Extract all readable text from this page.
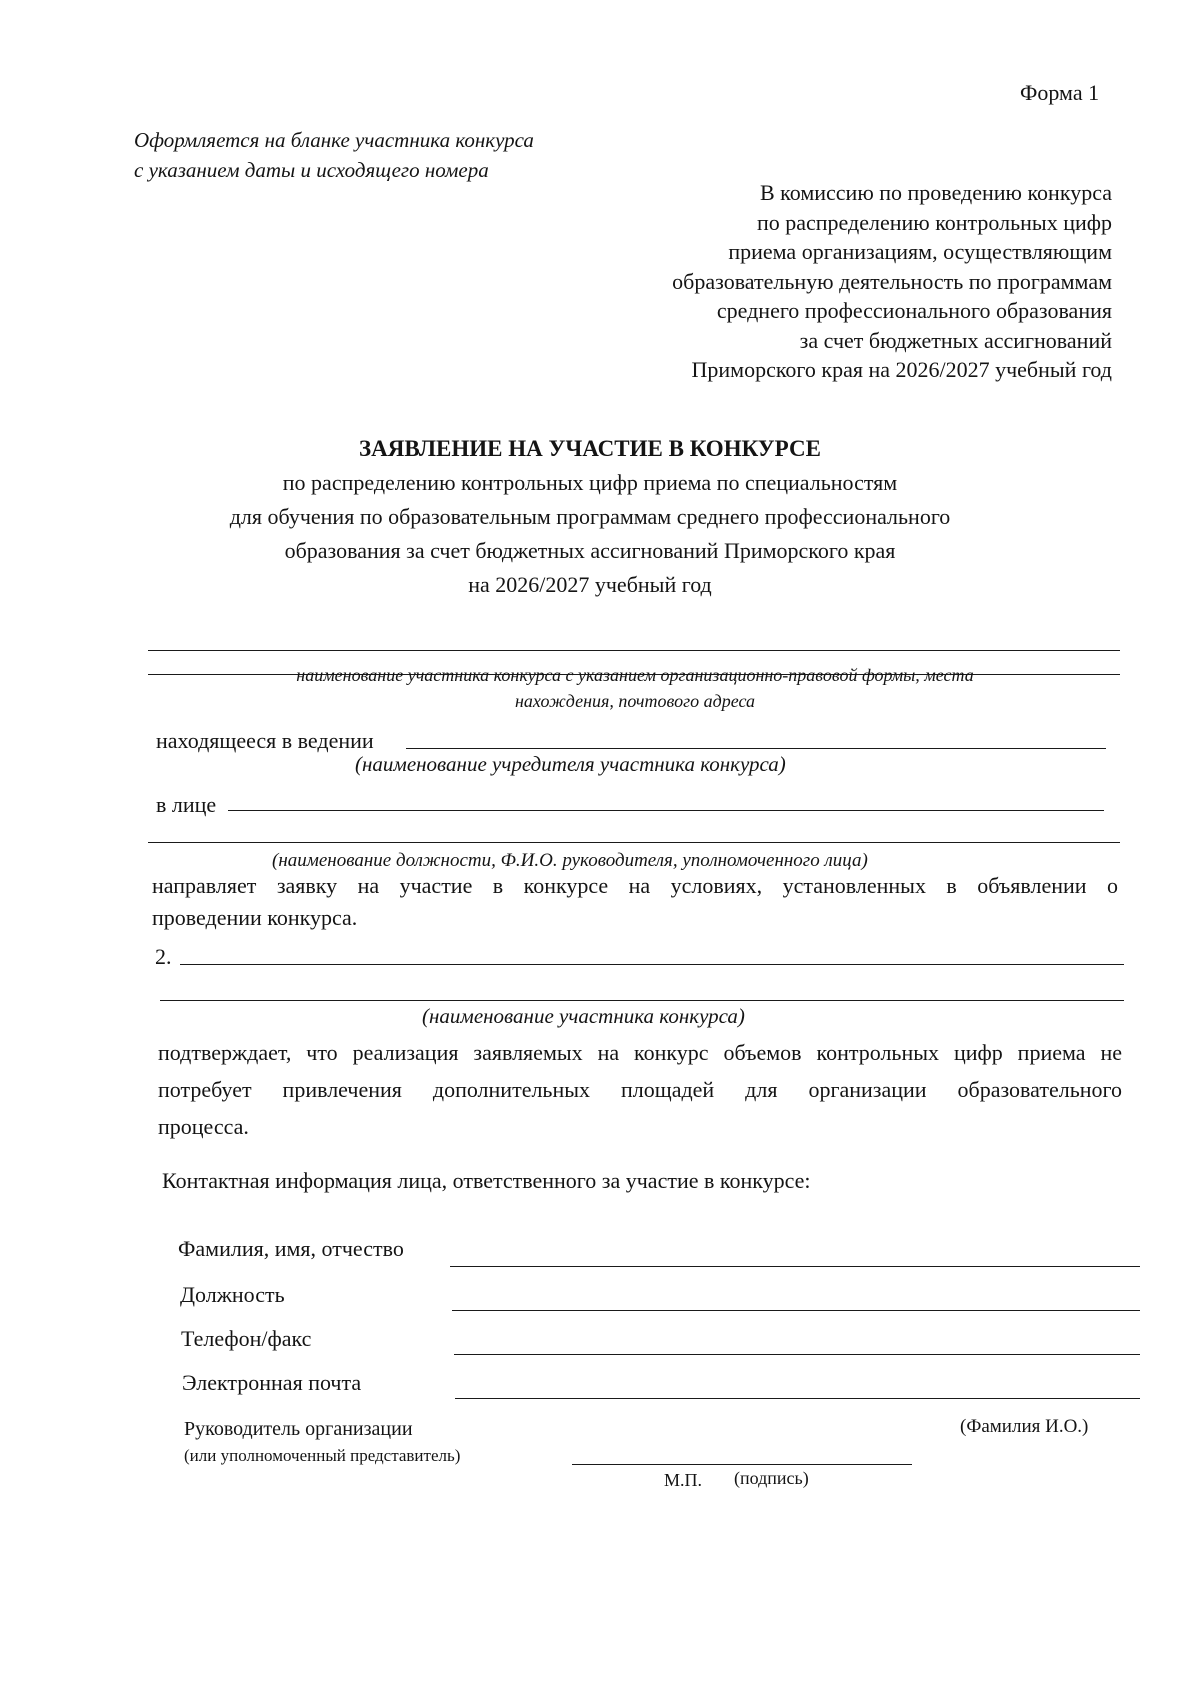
Форма 1
Оформляется на бланке участника конкурса
с указанием даты и исходящего номера
В комиссию по проведению конкурса
по распределению контрольных цифр
приема организациям, осуществляющим
образовательную деятельность по программам
среднего профессионального образования
за счет бюджетных ассигнований
Приморского края на 2026/2027 учебный год
ЗАЯВЛЕНИЕ НА УЧАСТИЕ В КОНКУРСЕ
по распределению контрольных цифр приема по специальностям
для обучения по образовательным программам среднего профессионального
образования за счет бюджетных ассигнований Приморского края
на 2026/2027 учебный год
наименование участника конкурса с указанием организационно-правовой формы, места
нахождения, почтового адреса
находящееся в ведении
(наименование учредителя участника конкурса)
в лице
(наименование должности, Ф.И.О. руководителя, уполномоченного лица)
направляет заявку на участие в конкурсе на условиях, установленных в объявлении о
проведении конкурса.
2.
(наименование участника конкурса)
подтверждает, что реализация заявляемых на конкурс объемов контрольных цифр приема не
потребует привлечения дополнительных площадей для организации образовательного
процесса.
Контактная информация лица, ответственного за участие в конкурсе:
Фамилия, имя, отчество
Должность
Телефон/факс
Электронная почта
Руководитель организации
(или уполномоченный представитель)
(Фамилия И.О.)
М.П. (подпись)
